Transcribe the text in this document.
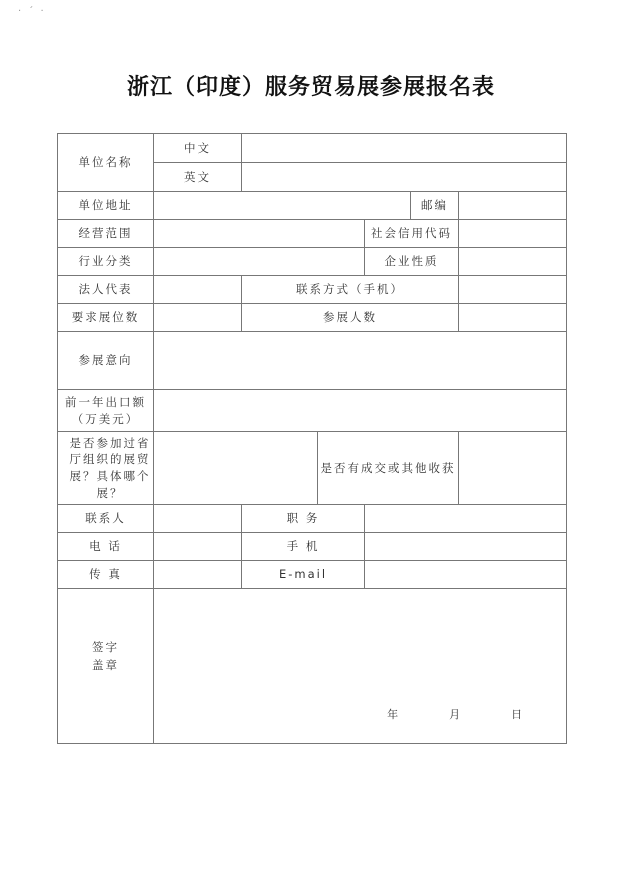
· ´ ·
浙江（印度）服务贸易展参展报名表
单位名称	中文					
	英文					
单位地址					邮编	
经营范围				社会信用代码		
行业分类				企业性质		
法人代表		联系方式（手机）				
要求展位数		参展人数				
参展意向						

前一年出口额
（万美元）						

是否参加过省厅组织的展贸展？具体哪个展？			是否有成交或其他收获			
联系人		职 务				
电 话		手 机				
传 真		E-mail				

签字
盖章	年 月 日					
